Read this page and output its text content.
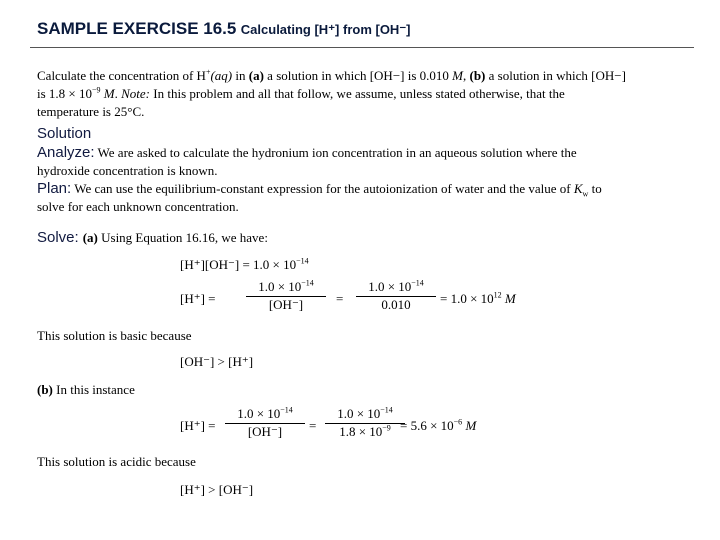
SAMPLE EXERCISE 16.5 Calculating [H⁺] from [OH⁻]
Calculate the concentration of H+(aq) in (a) a solution in which [OH−] is 0.010 M, (b) a solution in which [OH−]
is $1.8 \times 10^{-9}$ M. Note: In this problem and all that follow, we assume, unless stated otherwise, that the
temperature is 25°C.
Solution
Analyze: We are asked to calculate the hydronium ion concentration in an aqueous solution where the
hydroxide concentration is known.
Plan: We can use the equilibrium-constant expression for the autoionization of water and the value of $K_w$ to
solve for each unknown concentration.
Solve: (a) Using Equation 16.16, we have:
$[H^+][OH^-] = 1.0 \times 10^{-14}$
[H⁺] =
$1.0 \times 10^{-14}$
[OH⁻]	=
$1.0 \times 10^{-14}$
0.010	= $1.0 \times 10^{12}$ M
This solution is basic because
[OH⁻] > [H⁺]
(b) In this instance
[H⁺] =
$1.0 \times 10^{-14}$
[OH⁻]	=
$1.0 \times 10^{-14}$
$1.8 \times 10^{-9} = 5.6 \times 10^{-6}$ M
This solution is acidic because
[H⁺] > [OH⁻]
